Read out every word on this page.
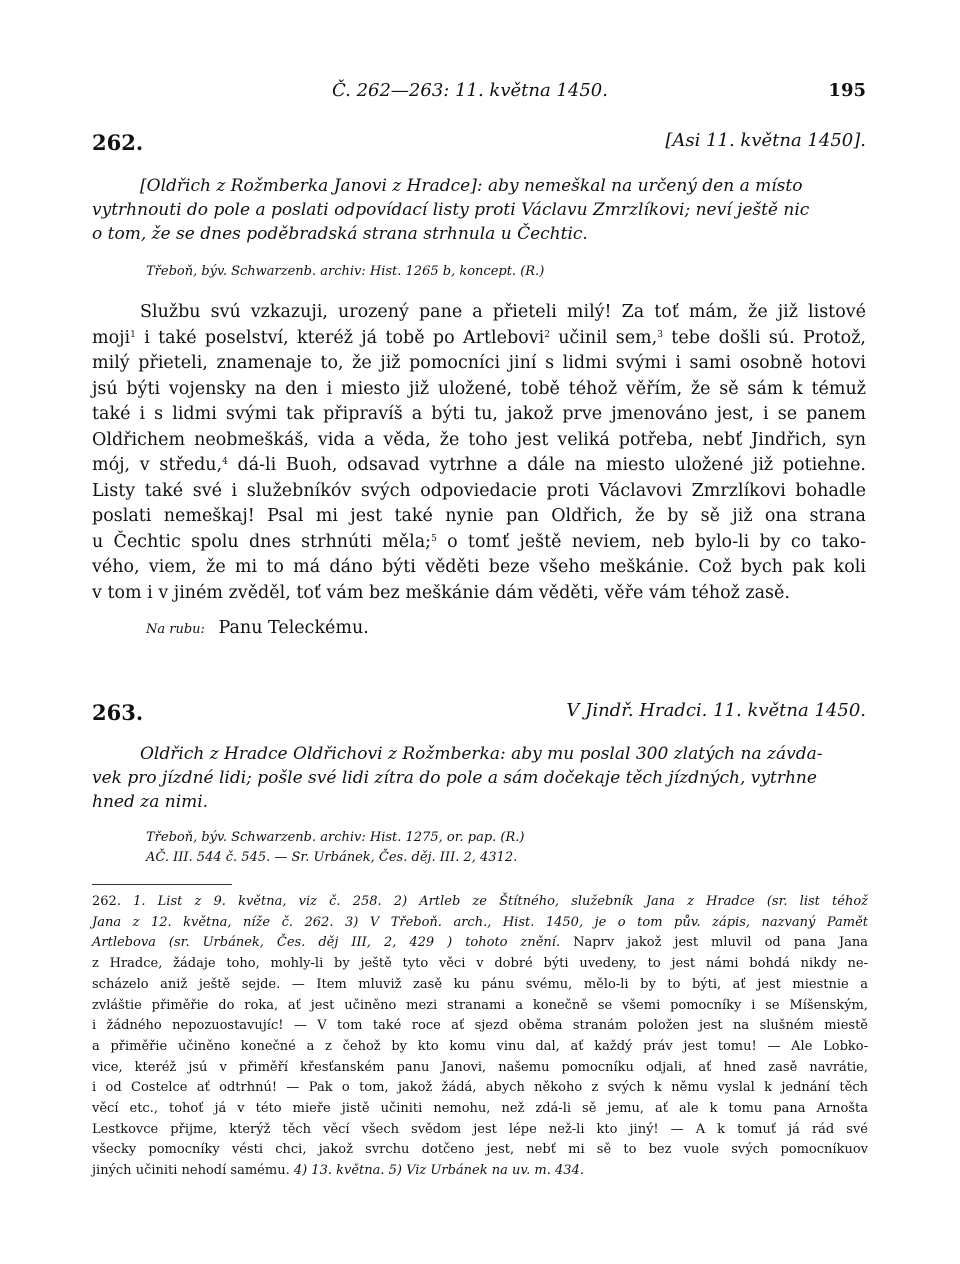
Č. 262—263: 11. května 1450.	195
262.	[Asi 11. května 1450].
[Oldřich z Rožmberka Janovi z Hradce]: aby nemeškal na určený den a místo
vytrhnouti do pole a poslati odpovídací listy proti Václavu Zmrzlíkovi; neví ještě nic
o tom, že se dnes poděbradská strana strhnula u Čechtic.
Třeboň, býv. Schwarzenb. archiv: Hist. 1265 b, koncept. (R.)
Službu svú vzkazuji, urozený pane a přieteli milý! Za toť mám, že již listové
moji$^1$ i také poselství, kteréž já tobě po Artlebovi$^2$ učinil sem,$^3$ tebe došli sú. Protož,
milý přieteli, znamenaje to, že již pomocníci jiní s lidmi svými i sami osobně hotovi
jsú býti vojensky na den i miesto již uložené, tobě téhož věřím, že sě sám k témuž
také i s lidmi svými tak připravíš a býti tu, jakož prve jmenováno jest, i se panem
Oldřichem neobmeškáš, vida a věda, že toho jest veliká potřeba, nebť Jindřich, syn
mój, v středu,$^4$ dá-li Buoh, odsavad vytrhne a dále na miesto uložené již potiehne.
Listy také své i služebníkóv svých odpoviedacie proti Václavovi Zmrzlíkovi bohadle
poslati nemeškaj! Psal mi jest také nynie pan Oldřich, že by sě již ona strana
u Čechtic spolu dnes strhnúti měla;$^5$ o tomť ještě neviem, neb bylo-li by co tako-
vého, viem, že mi to má dáno býti věděti beze všeho meškánie. Což bych pak koli
v tom i v jiném zvěděl, toť vám bez meškánie dám věděti, věře vám téhož zasě.
Na rubu: Panu Teleckému.
263.	V Jindř. Hradci. 11. května 1450.
Oldřich z Hradce Oldřichovi z Rožmberka: aby mu poslal 300 zlatých na závda-
vek pro jízdné lidi; pošle své lidi zítra do pole a sám dočekaje těch jízdných, vytrhne
hned za nimi.
Třeboň, býv. Schwarzenb. archiv: Hist. 1275, or. pap. (R.)
AČ. III. 544 č. 545. — Sr. Urbánek, Čes. děj. III. 2, 4312.
262. 1. List z 9. května, viz č. 258. 2) Artleb ze Štítného, služebník Jana z Hradce (sr. list téhož
Jana z 12. května, níže č. 262. 3) V Třeboň. arch., Hist. 1450, je o tom pův. zápis, nazvaný Pamět
Artlebova (sr. Urbánek, Čes. děj III, 2, 429 ) tohoto znění. Naprv jakož jest mluvil od pana Jana
z Hradce, žádaje toho, mohly-li by ještě tyto věci v dobré býti uvedeny, to jest námi bohdá nikdy ne-
scházelo aniž ještě sejde. — Item mluviž zasě ku pánu svému, mělo-li by to býti, ať jest miestnie a
zvláštie přiměřie do roka, ať jest učiněno mezi stranami a konečně se všemi pomocníky i se Míšenským,
i žádného nepozuostavujíc! — V tom také roce ať sjezd oběma stranám položen jest na slušném miestě
a přiměřie učiněno konečné a z čehož by kto komu vinu dal, ať každý práv jest tomu! — Ale Lobko-
vice, kteréž jsú v přiměří křesťanském panu Janovi, našemu pomocníku odjali, ať hned zasě navrátie,
i od Costelce ať odtrhnú! — Pak o tom, jakož žádá, abych někoho z svých k němu vyslal k jednání těch
věcí etc., tohoť já v této mieře jistě učiniti nemohu, než zdá-li sě jemu, ať ale k tomu pana Arnošta
Lestkovce přijme, kterýž těch věcí všech svědom jest lépe než-li kto jiný! — A k tomuť já rád své
všecky pomocníky vésti chci, jakož svrchu dotčeno jest, nebť mi sě to bez vuole svých pomocníkuov
jiných učiniti nehodí samému. 4) 13. května. 5) Viz Urbánek na uv. m. 434.
